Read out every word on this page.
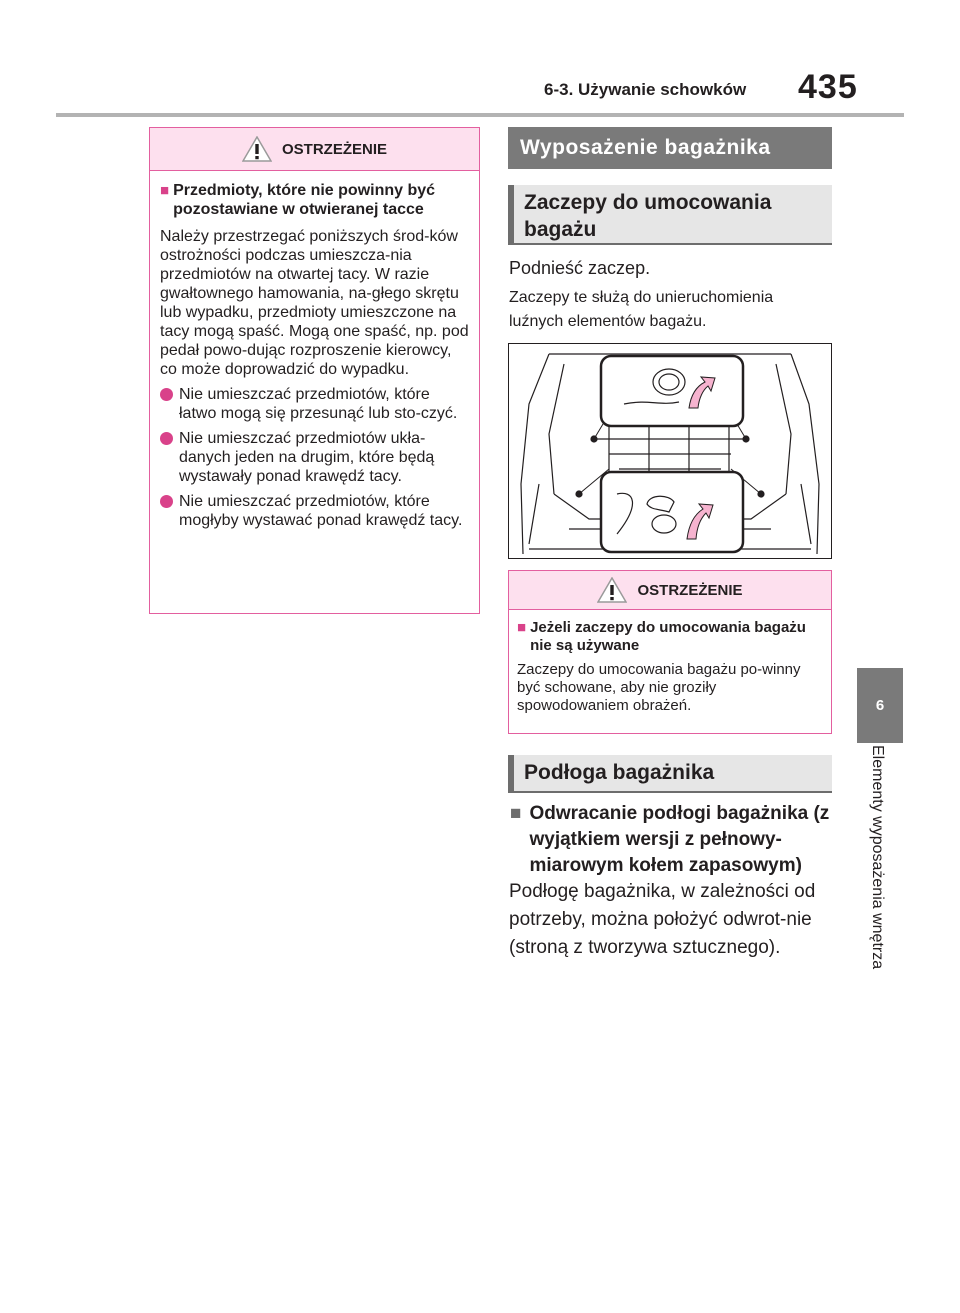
6-3. Używanie schowków 435
6
Elementy wyposażenia wnętrza
OSTRZEŻENIE
■ Przedmioty, które nie powinny być pozostawiane w otwieranej tacce
Należy przestrzegać poniższych środ-ków ostrożności podczas umieszcza-nia przedmiotów na otwartej tacy. W razie gwałtownego hamowania, na-głego skrętu lub wypadku, przedmioty umieszczone na tacy mogą spaść. Mogą one spaść, np. pod pedał powo-dując rozproszenie kierowcy, co może doprowadzić do wypadku.
Nie umieszczać przedmiotów, które łatwo mogą się przesunąć lub sto-czyć.
Nie umieszczać przedmiotów ukła-danych jeden na drugim, które będą wystawały ponad krawędź tacy.
Nie umieszczać przedmiotów, które mogłyby wystawać ponad krawędź tacy.
Wyposażenie bagażnika
Zaczepy do umocowania bagażu
Podnieść zaczep.
Zaczepy te służą do unieruchomienia luźnych elementów bagażu.
OSTRZEŻENIE
■ Jeżeli zaczepy do umocowania bagażu nie są używane
Zaczepy do umocowania bagażu po-winny być schowane, aby nie groziły spowodowaniem obrażeń.
Podłoga bagażnika
■ Odwracanie podłogi bagażnika (z wyjątkiem wersji z pełnowy-miarowym kołem zapasowym)
Podłogę bagażnika, w zależności od potrzeby, można położyć odwrot-nie (stroną z tworzywa sztucznego).
